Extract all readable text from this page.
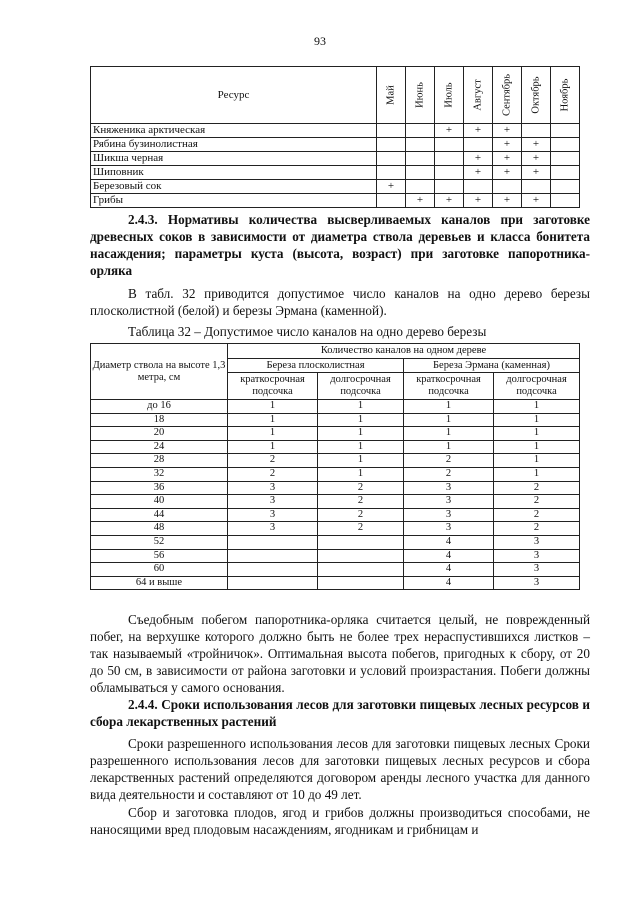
93
Ресурс	Май	Июнь	Июль	Август	Сентябрь	Октябрь	Ноябрь

Княженика арктическая			+	+	+		
Рябина бузинолистная					+	+	
Шикша черная				+	+	+	
Шиповник				+	+	+	
Березовый сок	+						
Грибы		+	+	+	+	+	
2.4.3. Нормативы количества высверливаемых каналов при заготовке древесных соков в зависимости от диаметра ствола деревьев и класса бонитета насаждения; параметры куста (высота, возраст) при заготовке папоротника-орляка
В табл. 32 приводится допустимое число каналов на одно дерево березы плосколистной (белой) и березы Эрмана (каменной).
Таблица 32 – Допустимое число каналов на одно дерево березы
Диаметр ствола на высоте 1,3 метра, см	Количество каналов на одном дереве			
	Береза плосколистная		Береза Эрмана (каменная)	
	краткосрочная подсочка	долгосрочная подсочка	краткосрочная подсочка	долгосрочная подсочка
до 16	1	1	1	1
18	1	1	1	1
20	1	1	1	1
24	1	1	1	1
28	2	1	2	1
32	2	1	2	1
36	3	2	3	2
40	3	2	3	2
44	3	2	3	2
48	3	2	3	2
52			4	3
56			4	3
60			4	3
64 и выше			4	3
Съедобным побегом папоротника-орляка считается целый, не поврежденный побег, на верхушке которого должно быть не более трех нераспустившихся листков – так называемый «тройничок». Оптимальная высота побегов, пригодных к сбору, от 20 до 50 см, в зависимости от района заготовки и условий произрастания. Побеги должны обламываться у самого основания.
2.4.4. Сроки использования лесов для заготовки пищевых лесных ресурсов и сбора лекарственных растений
Сроки разрешенного использования лесов для заготовки пищевых лесных Сроки разрешенного использования лесов для заготовки пищевых лесных ресурсов и сбора лекарственных растений определяются договором аренды лесного участка для данного вида деятельности и составляют от 10 до 49 лет.
Сбор и заготовка плодов, ягод и грибов должны производиться способами, не наносящими вред плодовым насаждениям, ягодникам и грибницам и
